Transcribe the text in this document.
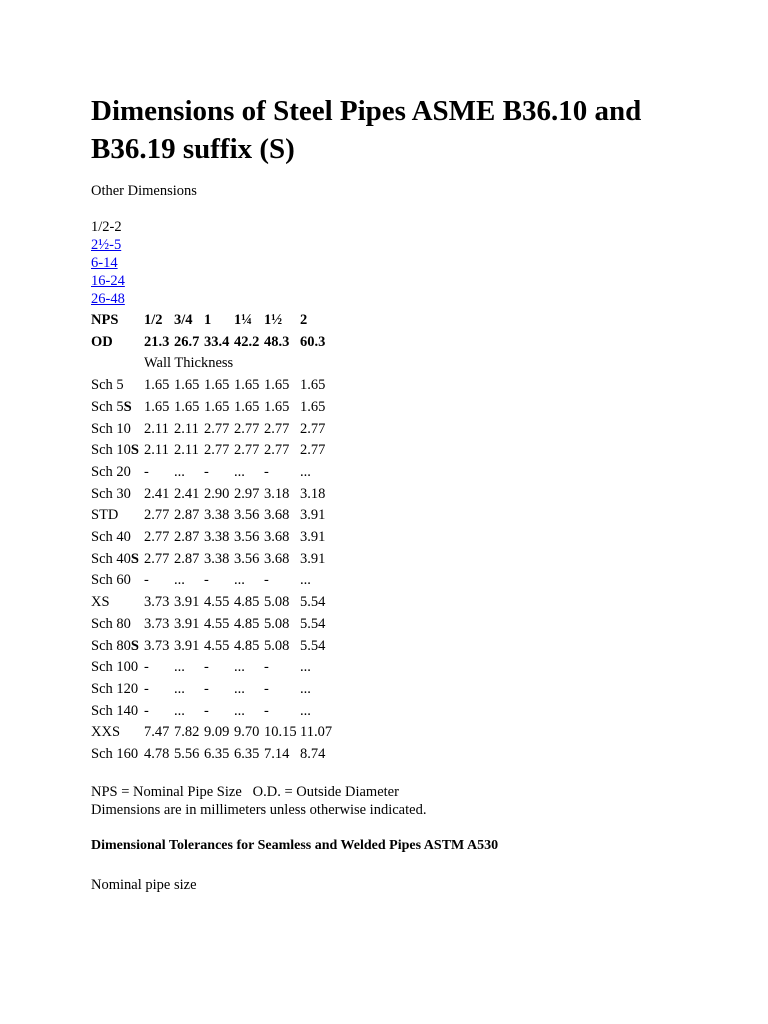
Dimensions of Steel Pipes ASME B36.10 and B36.19 suffix (S)
Other Dimensions
1/2-2
2½-5
6-14
16-24
26-48
NPS	1/2	3/4	1	1¼	1½	2
OD	21.3	26.7	33.4	42.2	48.3	60.3
	Wall Thickness					
Sch 5	1.65	1.65	1.65	1.65	1.65	1.65
Sch 5S	1.65	1.65	1.65	1.65	1.65	1.65
Sch 10	2.11	2.11	2.77	2.77	2.77	2.77
Sch 10S	2.11	2.11	2.77	2.77	2.77	2.77
Sch 20	-	...	-	...	-	...
Sch 30	2.41	2.41	2.90	2.97	3.18	3.18
STD	2.77	2.87	3.38	3.56	3.68	3.91
Sch 40	2.77	2.87	3.38	3.56	3.68	3.91
Sch 40S	2.77	2.87	3.38	3.56	3.68	3.91
Sch 60	-	...	-	...	-	...
XS	3.73	3.91	4.55	4.85	5.08	5.54
Sch 80	3.73	3.91	4.55	4.85	5.08	5.54
Sch 80S	3.73	3.91	4.55	4.85	5.08	5.54
Sch 100	-	...	-	...	-	...
Sch 120	-	...	-	...	-	...
Sch 140	-	...	-	...	-	...
XXS	7.47	7.82	9.09	9.70	10.15	11.07
Sch 160	4.78	5.56	6.35	6.35	7.14	8.74
NPS = Nominal Pipe Size   O.D. = Outside Diameter
Dimensions are in millimeters unless otherwise indicated.
Dimensional Tolerances for Seamless and Welded Pipes ASTM A530
Nominal pipe size
